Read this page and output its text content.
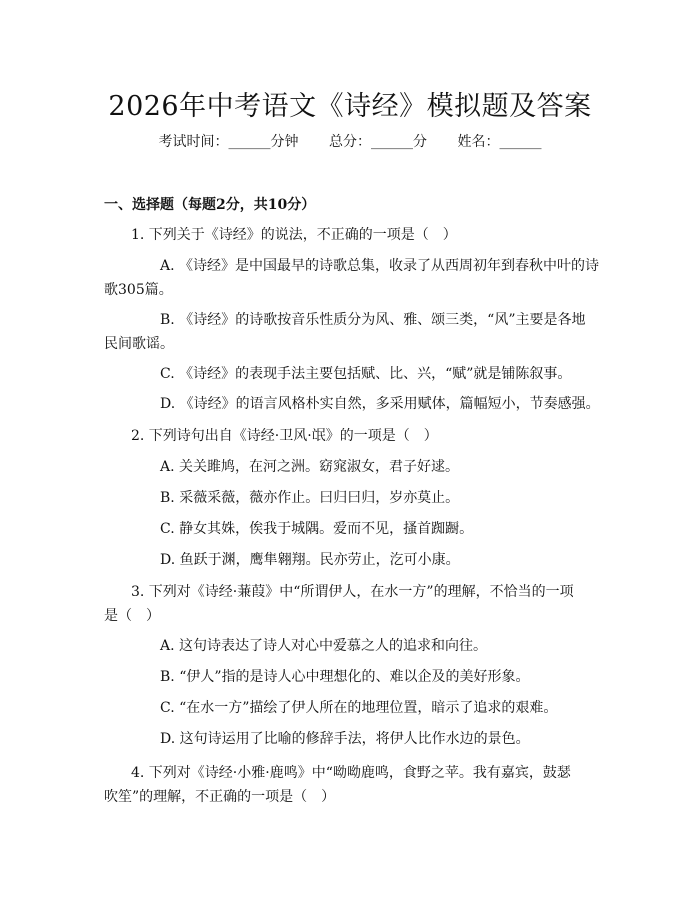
2026年中考语文《诗经》模拟题及答案
考试时间：______分钟 总分：______分 姓名：______
一、选择题（每题2分，共10分）
1. 下列关于《诗经》的说法，不正确的一项是（　）
A. 《诗经》是中国最早的诗歌总集，收录了从西周初年到春秋中叶的诗
歌305篇。
B. 《诗经》的诗歌按音乐性质分为风、雅、颂三类，“风”主要是各地
民间歌谣。
C. 《诗经》的表现手法主要包括赋、比、兴，“赋”就是铺陈叙事。
D. 《诗经》的语言风格朴实自然，多采用赋体，篇幅短小，节奏感强。
2. 下列诗句出自《诗经·卫风·氓》的一项是（　）
A. 关关雎鸠，在河之洲。窈窕淑女，君子好逑。
B. 采薇采薇，薇亦作止。曰归曰归，岁亦莫止。
C. 静女其姝，俟我于城隅。爱而不见，搔首踟蹰。
D. 鱼跃于渊，鹰隼翱翔。民亦劳止，汔可小康。
3. 下列对《诗经·蒹葭》中“所谓伊人，在水一方”的理解，不恰当的一项
是（　）
A. 这句诗表达了诗人对心中爱慕之人的追求和向往。
B. “伊人”指的是诗人心中理想化的、难以企及的美好形象。
C. “在水一方”描绘了伊人所在的地理位置，暗示了追求的艰难。
D. 这句诗运用了比喻的修辞手法，将伊人比作水边的景色。
4. 下列对《诗经·小雅·鹿鸣》中“呦呦鹿鸣，食野之苹。我有嘉宾，鼓瑟
吹笙”的理解，不正确的一项是（　）
